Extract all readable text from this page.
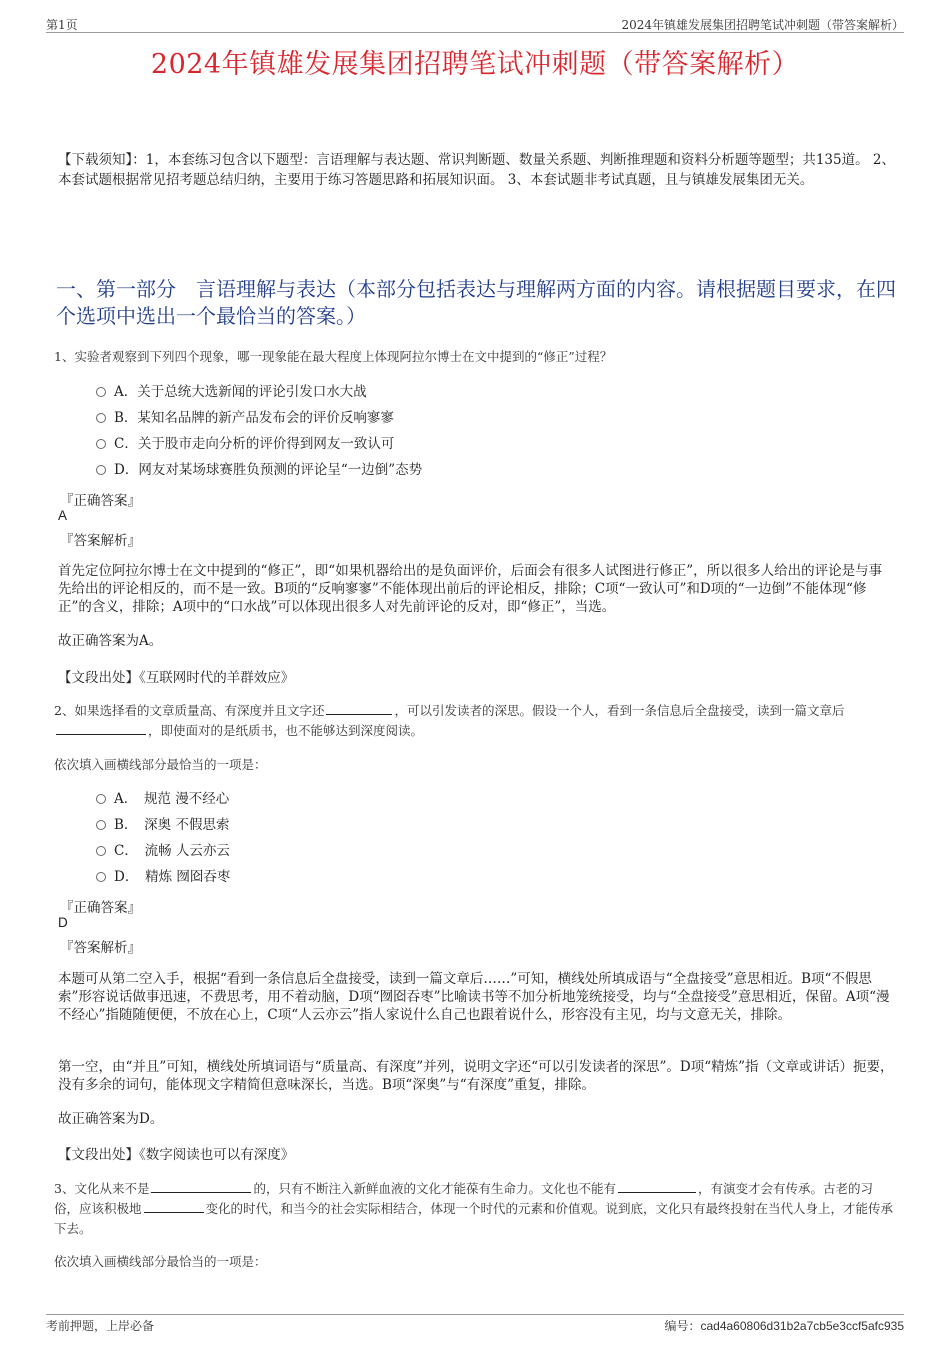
第1页	2024年镇雄发展集团招聘笔试冲刺题（带答案解析）
2024年镇雄发展集团招聘笔试冲刺题（带答案解析）
【下载须知】：1，本套练习包含以下题型：言语理解与表达题、常识判断题、数量关系题、判断推理题和资料分析题等题型；共135道。 2、本套试题根据常见招考题总结归纳，主要用于练习答题思路和拓展知识面。 3、本套试题非考试真题，且与镇雄发展集团无关。
一、第一部分　言语理解与表达（本部分包括表达与理解两方面的内容。请根据题目要求，在四个选项中选出一个最恰当的答案。）
1、实验者观察到下列四个现象，哪一现象能在最大程度上体现阿拉尔博士在文中提到的“修正”过程？
A．关于总统大选新闻的评论引发口水大战
B．某知名品牌的新产品发布会的评价反响寥寥
C．关于股市走向分析的评价得到网友一致认可
D．网友对某场球赛胜负预测的评论呈“一边倒”态势
『正确答案』
A
『答案解析』
首先定位阿拉尔博士在文中提到的“修正”，即“如果机器给出的是负面评价，后面会有很多人试图进行修正”，所以很多人给出的评论是与事先给出的评论相反的，而不是一致。B项的“反响寥寥”不能体现出前后的评论相反，排除；C项“一致认可”和D项的“一边倒”不能体现“修正”的含义，排除；A项中的“口水战”可以体现出很多人对先前评论的反对，即“修正”，当选。
故正确答案为A。
【文段出处】《互联网时代的羊群效应》
2、如果选择看的文章质量高、有深度并且文字还	，可以引发读者的深思。假设一个人，看到一条信息后全盘接受，读到一篇文章后，即使面对的是纸质书，也不能够达到深度阅读。
依次填入画横线部分最恰当的一项是：
A．　规范 漫不经心
B．　深奥 不假思索
C．　流畅 人云亦云
D．　精炼 囫囵吞枣
『正确答案』
D
『答案解析』
本题可从第二空入手，根据“看到一条信息后全盘接受，读到一篇文章后……”可知，横线处所填成语与“全盘接受”意思相近。B项“不假思索”形容说话做事迅速，不费思考，用不着动脑，D项“囫囵吞枣”比喻读书等不加分析地笼统接受，均与“全盘接受”意思相近，保留。A项“漫不经心”指随随便便，不放在心上，C项“人云亦云”指人家说什么自己也跟着说什么，形容没有主见，均与文意无关，排除。
第一空，由“并且”可知，横线处所填词语与“质量高、有深度”并列，说明文字还“可以引发读者的深思”。D项“精炼”指（文章或讲话）扼要，没有多余的词句，能体现文字精简但意味深长，当选。B项“深奥”与“有深度”重复，排除。
故正确答案为D。
【文段出处】《数字阅读也可以有深度》
3、文化从来不是	的，只有不断注入新鲜血液的文化才能葆有生命力。文化也不能有	，有演变才会有传承。古老的习俗，应该积极地	变化的时代，和当今的社会实际相结合，体现一个时代的元素和价值观。说到底，文化只有最终投射在当代人身上，才能传承下去。
依次填入画横线部分最恰当的一项是：
考前押题，上岸必备	编号：cad4a60806d31b2a7cb5e3ccf5afc935
